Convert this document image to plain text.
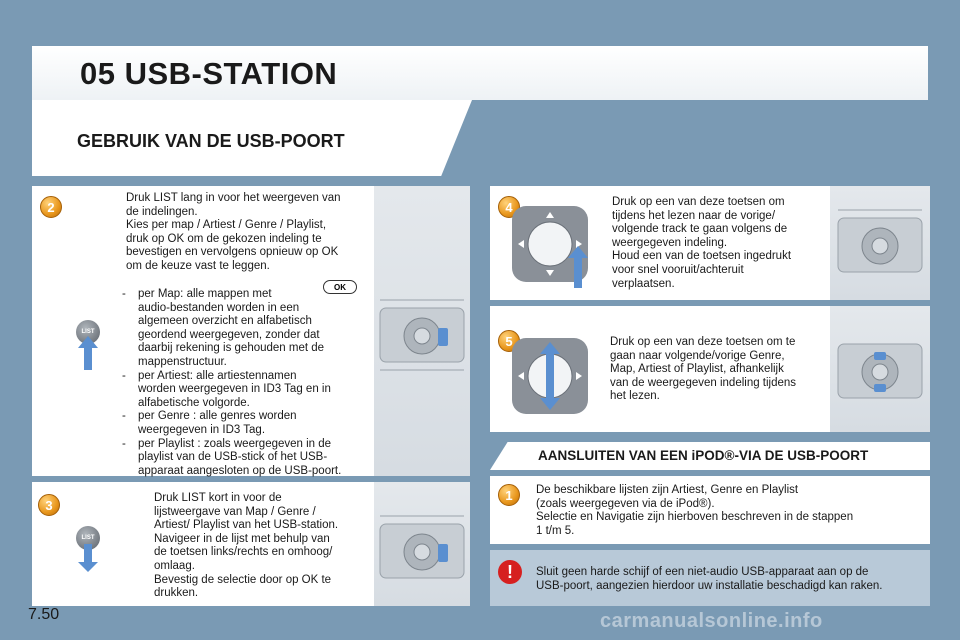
05 USB-STATION
GEBRUIK VAN DE USB-POORT
2

Druk LIST lang in voor het weergeven van
de indelingen.
Kies per map / Artiest / Genre / Playlist,
druk op OK om de gekozen indeling te
bevestigen en vervolgens opnieuw op OK
om de keuze vast te leggen.

OK
LIST
- per Map: alle mappen met
audio-bestanden worden in een
algemeen overzicht en alfabetisch
geordend weergegeven, zonder dat
daarbij rekening is gehouden met de
mappenstructuur.
- per Artiest: alle artiestennamen
worden weergegeven in ID3 Tag en in
alfabetische volgorde.
- per Genre : alle genres worden
weergegeven in ID3 Tag.
- per Playlist : zoals weergegeven in de
playlist van de USB-stick of het USB-
apparaat aangesloten op de USB-poort.
3
LIST

Druk LIST kort in voor de
lijstweergave van Map / Genre /
Artiest/ Playlist van het USB-station.
Navigeer in de lijst met behulp van
de toetsen links/rechts en omhoog/
omlaag.
Bevestig de selectie door op OK te
drukken.

4	Druk op een van deze toetsen om
tijdens het lezen naar de vorige/
volgende track te gaan volgens de
weergegeven indeling.
Houd een van de toetsen ingedrukt
voor snel vooruit/achteruit
verplaatsen.

5	Druk op een van deze toetsen om te
gaan naar volgende/vorige Genre,
Map, Artiest of Playlist, afhankelijk
van de weergegeven indeling tijdens
het lezen.

AANSLUITEN VAN EEN iPOD®-VIA DE USB-POORT
1	De beschikbare lijsten zijn Artiest, Genre en Playlist
(zoals weergegeven via de iPod®).
Selectie en Navigatie zijn hierboven beschreven in de stappen
1 t/m 5.

!	Sluit geen harde schijf of een niet-audio USB-apparaat aan op de
USB-poort, aangezien hierdoor uw installatie beschadigd kan raken.

7.50	carmanualsonline.info
